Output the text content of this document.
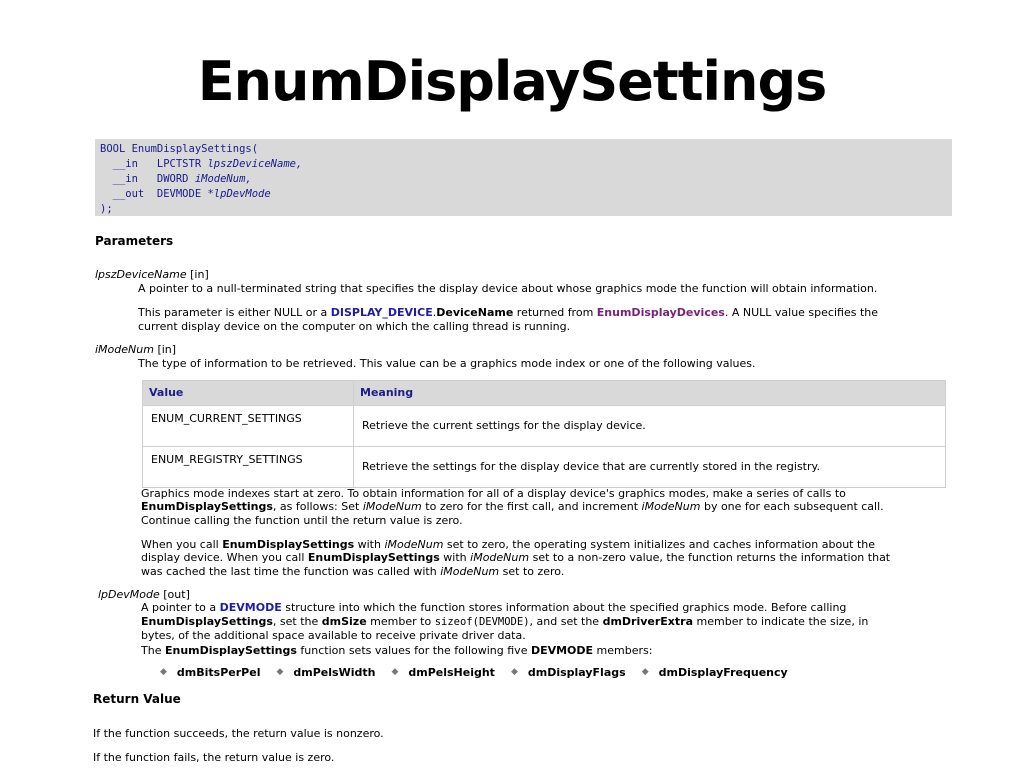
EnumDisplaySettings
BOOL EnumDisplaySettings(
__in   LPCTSTR lpszDeviceName,
__in   DWORD iModeNum,
__out  DEVMODE *lpDevMode
);
Parameters
lpszDeviceName [in]
A pointer to a null-terminated string that specifies the display device about whose graphics mode the function will obtain information.
This parameter is either NULL or a DISPLAY_DEVICE.DeviceName returned from EnumDisplayDevices. A NULL value specifies the
current display device on the computer on which the calling thread is running.
iModeNum [in]
The type of information to be retrieved. This value can be a graphics mode index or one of the following values.
Value	Meaning
ENUM_CURRENT_SETTINGS	Retrieve the current settings for the display device.
ENUM_REGISTRY_SETTINGS	Retrieve the settings for the display device that are currently stored in the registry.
Graphics mode indexes start at zero. To obtain information for all of a display device's graphics modes, make a series of calls to
EnumDisplaySettings, as follows: Set iModeNum to zero for the first call, and increment iModeNum by one for each subsequent call.
Continue calling the function until the return value is zero.
When you call EnumDisplaySettings with iModeNum set to zero, the operating system initializes and caches information about the
display device. When you call EnumDisplaySettings with iModeNum set to a non-zero value, the function returns the information that
was cached the last time the function was called with iModeNum set to zero.
lpDevMode [out]
A pointer to a DEVMODE structure into which the function stores information about the specified graphics mode. Before calling
EnumDisplaySettings, set the dmSize member to sizeof(DEVMODE), and set the dmDriverExtra member to indicate the size, in
bytes, of the additional space available to receive private driver data.
The EnumDisplaySettings function sets values for the following five DEVMODE members:
◆ dmBitsPerPel ◆ dmPelsWidth ◆ dmPelsHeight ◆ dmDisplayFlags ◆ dmDisplayFrequency
Return Value
If the function succeeds, the return value is nonzero.
If the function fails, the return value is zero.
